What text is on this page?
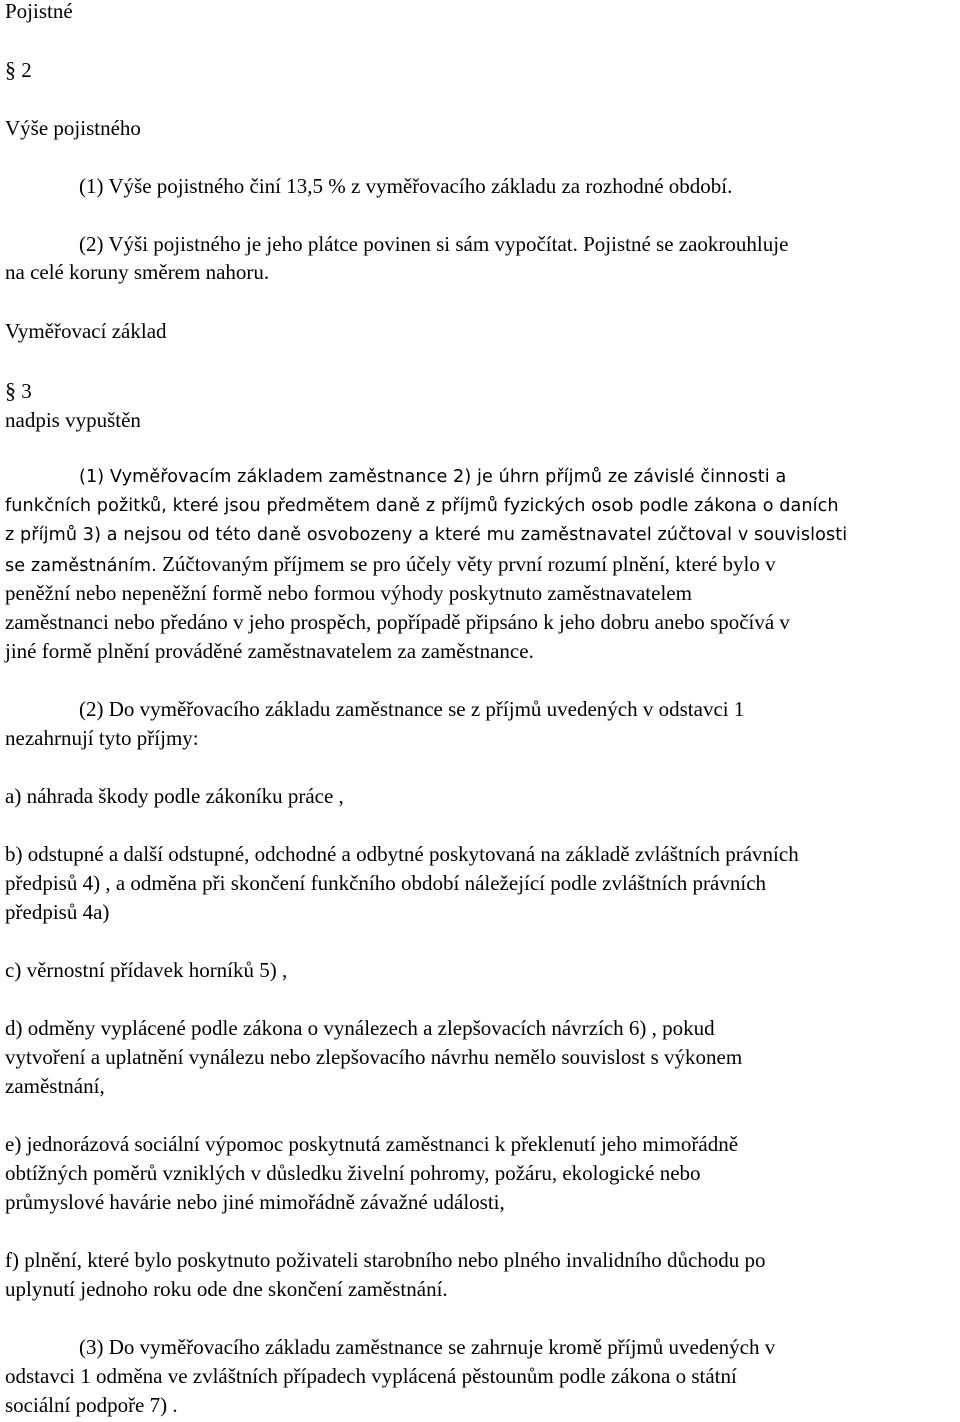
Pojistné
§ 2
Výše pojistného
(1) Výše pojistného činí 13,5 % z vyměřovacího základu za rozhodné období.
(2) Výši pojistného je jeho plátce povinen si sám vypočítat. Pojistné se zaokrouhluje
na celé koruny směrem nahoru.
Vyměřovací základ
§ 3
nadpis vypuštěn
(1) Vyměřovacím základem zaměstnance 2) je úhrn příjmů ze závislé činnosti a
funkčních požitků, které jsou předmětem daně z příjmů fyzických osob podle zákona o daních
z příjmů 3) a nejsou od této daně osvobozeny a které mu zaměstnavatel zúčtoval v souvislosti
se zaměstnáním. Zúčtovaným příjmem se pro účely věty první rozumí plnění, které bylo v
peněžní nebo nepeněžní formě nebo formou výhody poskytnuto zaměstnavatelem
zaměstnanci nebo předáno v jeho prospěch, popřípadě připsáno k jeho dobru anebo spočívá v
jiné formě plnění prováděné zaměstnavatelem za zaměstnance.
(2) Do vyměřovacího základu zaměstnance se z příjmů uvedených v odstavci 1
nezahrnují tyto příjmy:
a) náhrada škody podle zákoníku práce ,
b) odstupné a další odstupné, odchodné a odbytné poskytovaná na základě zvláštních právních
předpisů 4) , a odměna při skončení funkčního období náležející podle zvláštních právních
předpisů 4a)
c) věrnostní přídavek horníků 5) ,
d) odměny vyplácené podle zákona o vynálezech a zlepšovacích návrzích 6) , pokud
vytvoření a uplatnění vynálezu nebo zlepšovacího návrhu nemělo souvislost s výkonem
zaměstnání,
e) jednorázová sociální výpomoc poskytnutá zaměstnanci k překlenutí jeho mimořádně
obtížných poměrů vzniklých v důsledku živelní pohromy, požáru, ekologické nebo
průmyslové havárie nebo jiné mimořádně závažné události,
f) plnění, které bylo poskytnuto poživateli starobního nebo plného invalidního důchodu po
uplynutí jednoho roku ode dne skončení zaměstnání.
(3) Do vyměřovacího základu zaměstnance se zahrnuje kromě příjmů uvedených v
odstavci 1 odměna ve zvláštních případech vyplácená pěstounům podle zákona o státní
sociální podpoře 7) .
